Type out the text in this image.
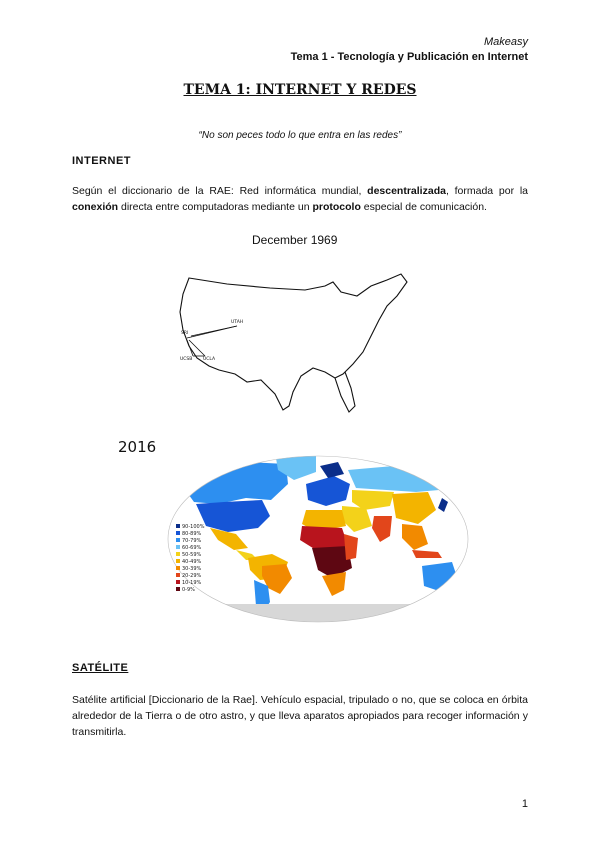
Makeasy
Tema 1 - Tecnología y Publicación en Internet
TEMA 1: INTERNET Y REDES
“No son peces todo lo que entra en las redes”
INTERNET
Según el diccionario de la RAE: Red informática mundial, descentralizada, formada por la conexión directa entre computadoras mediante un protocolo especial de comunicación.
December 1969
UTAH
SRI
UCSB UCLA
2016
90-100%
80-89%
70-79%
60-69%
50-59%
40-49%
30-39%
20-29%
10-19%
0-9%
SATÉLITE
Satélite artificial [Diccionario de la Rae]. Vehículo espacial, tripulado o no, que se coloca en órbita alrededor de la Tierra o de otro astro, y que lleva aparatos apropiados para recoger información y transmitirla.
1
